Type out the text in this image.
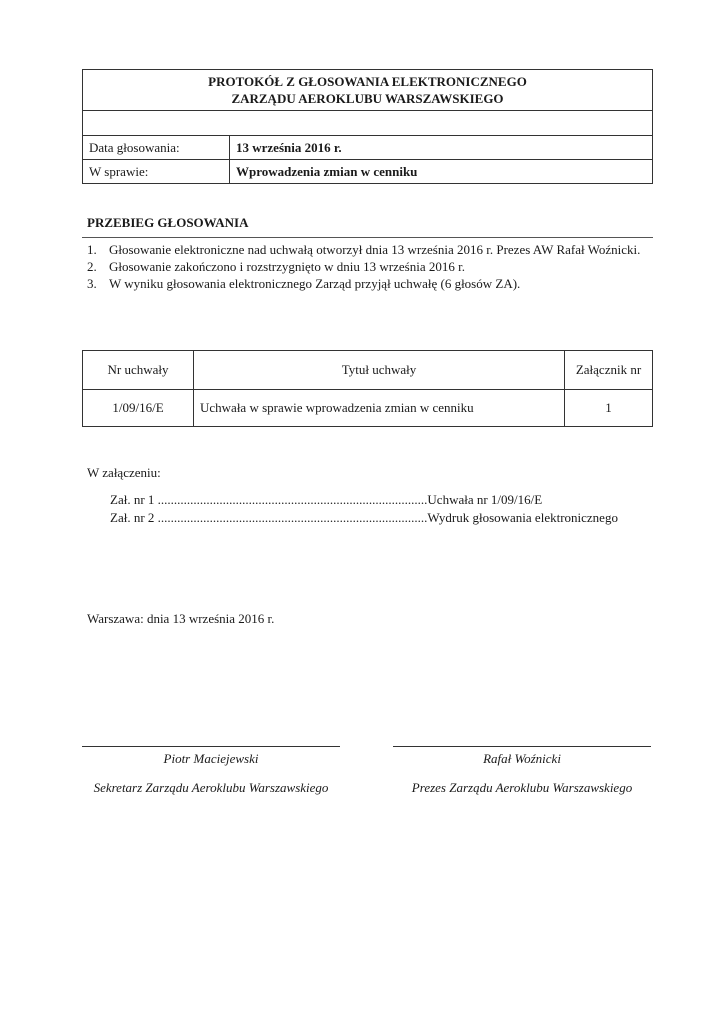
PROTOKÓŁ Z GŁOSOWANIA ELEKTRONICZNEGO
ZARZĄDU AEROKLUBU WARSZAWSKIEGO	

Data głosowania:	13 września 2016 r.
W sprawie:	Wprowadzenia zmian w cenniku
PRZEBIEG GŁOSOWANIA
1. Głosowanie elektroniczne nad uchwałą otworzył dnia 13 września 2016 r. Prezes AW Rafał Woźnicki.
2. Głosowanie zakończono i rozstrzygnięto w dniu 13 września 2016 r.
3. W wyniku głosowania elektronicznego Zarząd przyjął uchwałę (6 głosów ZA).
Nr uchwały	Tytuł uchwały	Załącznik nr
1/09/16/E	Uchwała w sprawie wprowadzenia zmian w cenniku	1
W załączeniu:
Zał. nr 1 ...................................................................................Uchwała nr 1/09/16/E
Zał. nr 2 ...................................................................................Wydruk głosowania elektronicznego
Warszawa: dnia 13 września 2016 r.
Piotr Maciejewski
Sekretarz Zarządu Aeroklubu Warszawskiego
Rafał Woźnicki
Prezes Zarządu Aeroklubu Warszawskiego
